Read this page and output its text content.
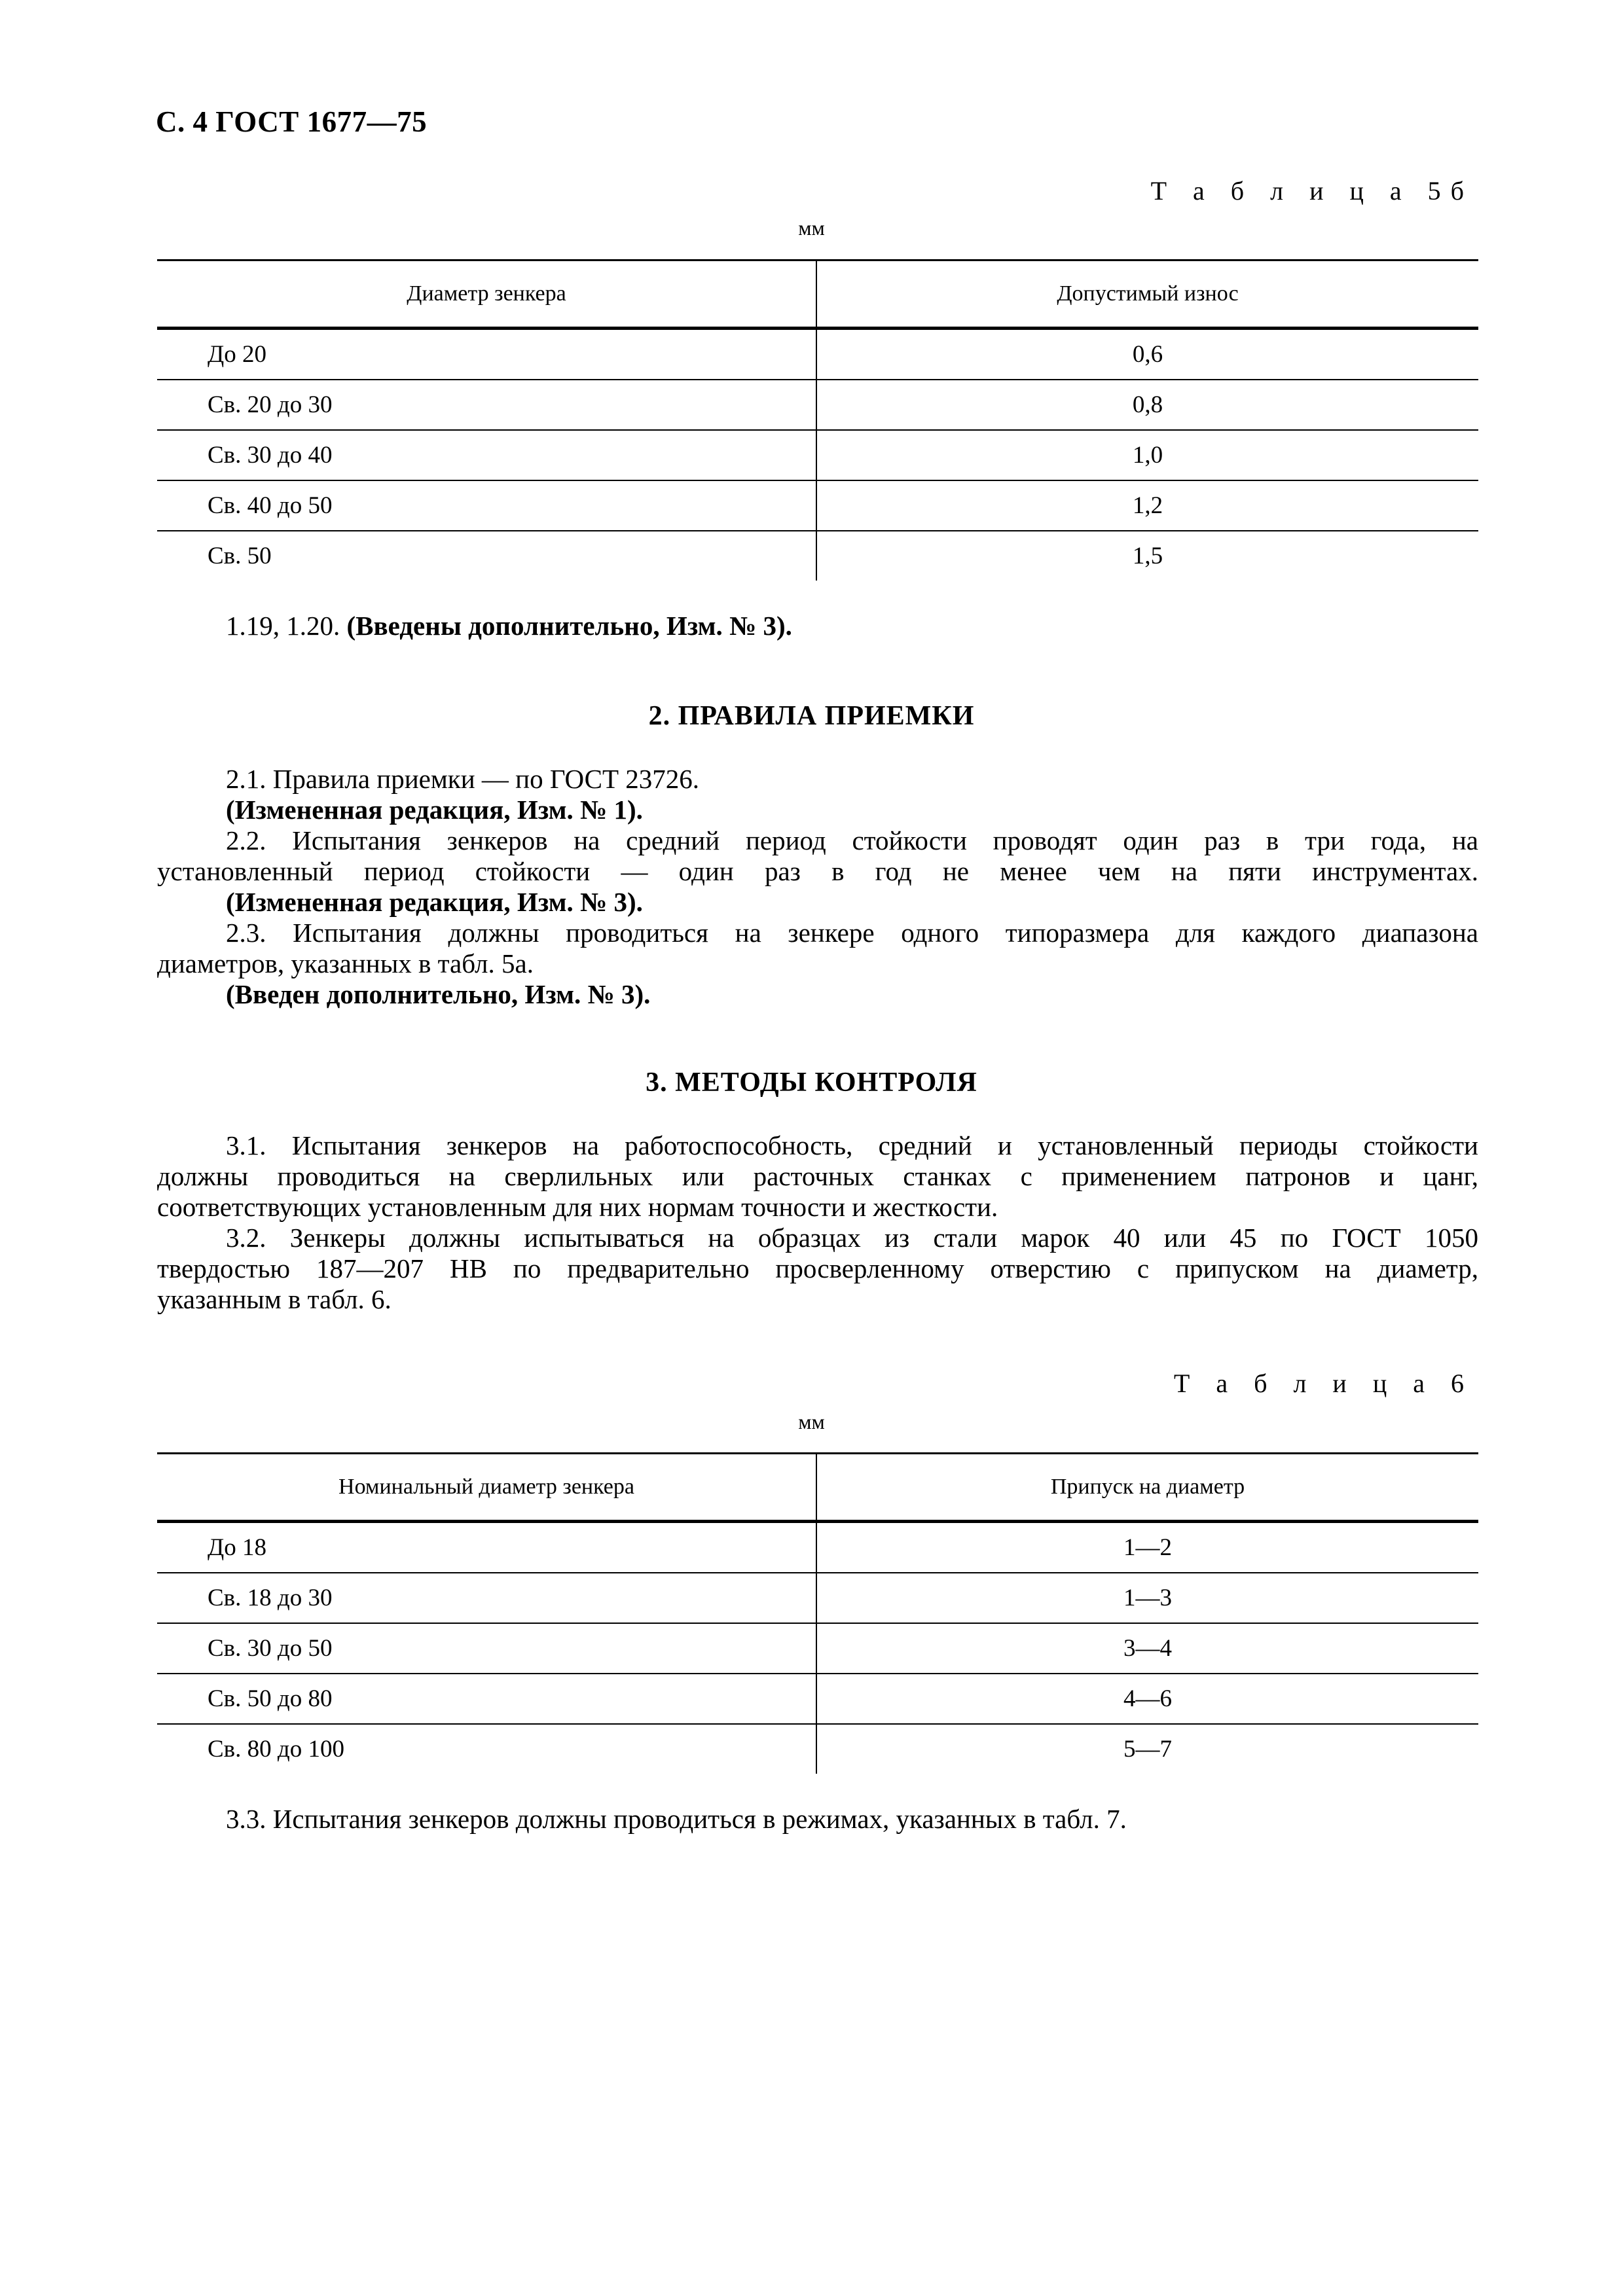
С. 4 ГОСТ 1677—75
Т а б л и ц а 5б
мм
Диаметр зенкера	Допустимый износ
До 20	0,6
Св. 20 до 30	0,8
Св. 30 до 40	1,0
Св. 40 до 50	1,2
Св. 50	1,5
1.19, 1.20. (Введены дополнительно, Изм. № 3).
2. ПРАВИЛА ПРИЕМКИ
2.1. Правила приемки — по ГОСТ 23726.
(Измененная редакция, Изм. № 1).
2.2. Испытания зенкеров на средний период стойкости проводят один раз в три года, на
установленный период стойкости — один раз в год не менее чем на пяти инструментах.
(Измененная редакция, Изм. № 3).
2.3. Испытания должны проводиться на зенкере одного типоразмера для каждого диапазона
диаметров, указанных в табл. 5а.
(Введен дополнительно, Изм. № 3).
3. МЕТОДЫ КОНТРОЛЯ
3.1. Испытания зенкеров на работоспособность, средний и установленный периоды стойкости
должны проводиться на сверлильных или расточных станках с применением патронов и цанг,
соответствующих установленным для них нормам точности и жесткости.
3.2. Зенкеры должны испытываться на образцах из стали марок 40 или 45 по ГОСТ 1050
твердостью 187—207 НВ по предварительно просверленному отверстию с припуском на диаметр,
указанным в табл. 6.
Т а б л и ц а 6
мм
Номинальный диаметр зенкера	Припуск на диаметр
До 18	1—2
Св. 18 до 30	1—3
Св. 30 до 50	3—4
Св. 50 до 80	4—6
Св. 80 до 100	5—7
3.3. Испытания зенкеров должны проводиться в режимах, указанных в табл. 7.
